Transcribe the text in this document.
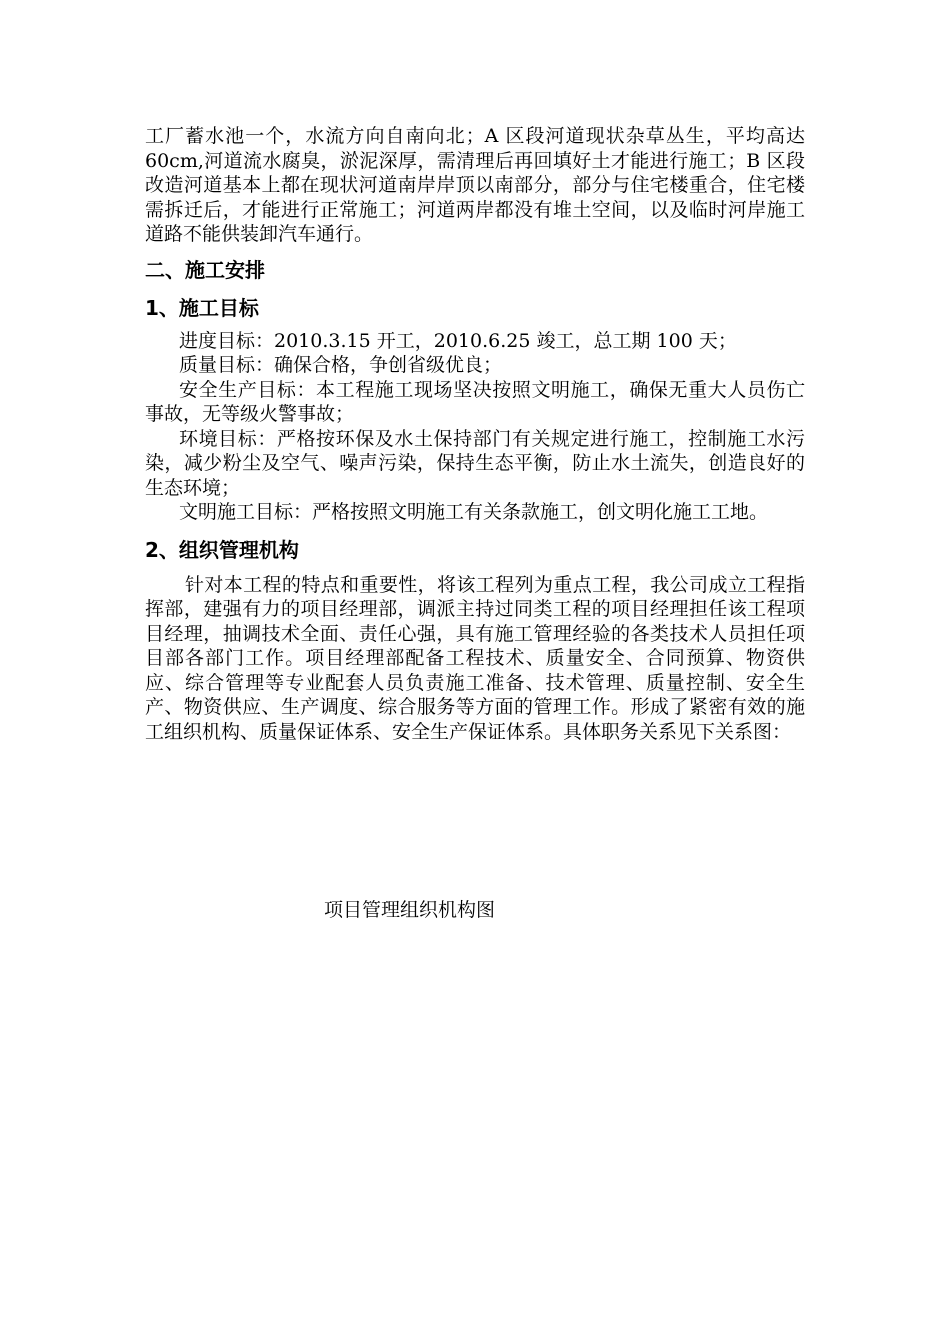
工厂蓄水池一个，水流方向自南向北；A 区段河道现状杂草丛生，平均高达 60cm,河道流水腐臭，淤泥深厚，需清理后再回填好土才能进行施工；B 区段改造河道基本上都在现状河道南岸岸顶以南部分，部分与住宅楼重合，住宅楼需拆迁后，才能进行正常施工；河道两岸都没有堆土空间，以及临时河岸施工道路不能供装卸汽车通行。

二、施工安排
1、施工目标

进度目标：2010.3.15 开工，2010.6.25 竣工，总工期 100 天；

质量目标：确保合格，争创省级优良；

安全生产目标：本工程施工现场坚决按照文明施工，确保无重大人员伤亡事故，无等级火警事故；

环境目标：严格按环保及水土保持部门有关规定进行施工，控制施工水污染，减少粉尘及空气、噪声污染，保持生态平衡，防止水土流失，创造良好的生态环境；

文明施工目标：严格按照文明施工有关条款施工，创文明化施工工地。

2、组织管理机构

针对本工程的特点和重要性，将该工程列为重点工程，我公司成立工程指挥部，建强有力的项目经理部，调派主持过同类工程的项目经理担任该工程项目经理，抽调技术全面、责任心强，具有施工管理经验的各类技术人员担任项目部各部门工作。项目经理部配备工程技术、质量安全、合同预算、物资供应、综合管理等专业配套人员负责施工准备、技术管理、质量控制、安全生产、物资供应、生产调度、综合服务等方面的管理工作。形成了紧密有效的施工组织机构、质量保证体系、安全生产保证体系。具体职务关系见下关系图：

项目管理组织机构图
